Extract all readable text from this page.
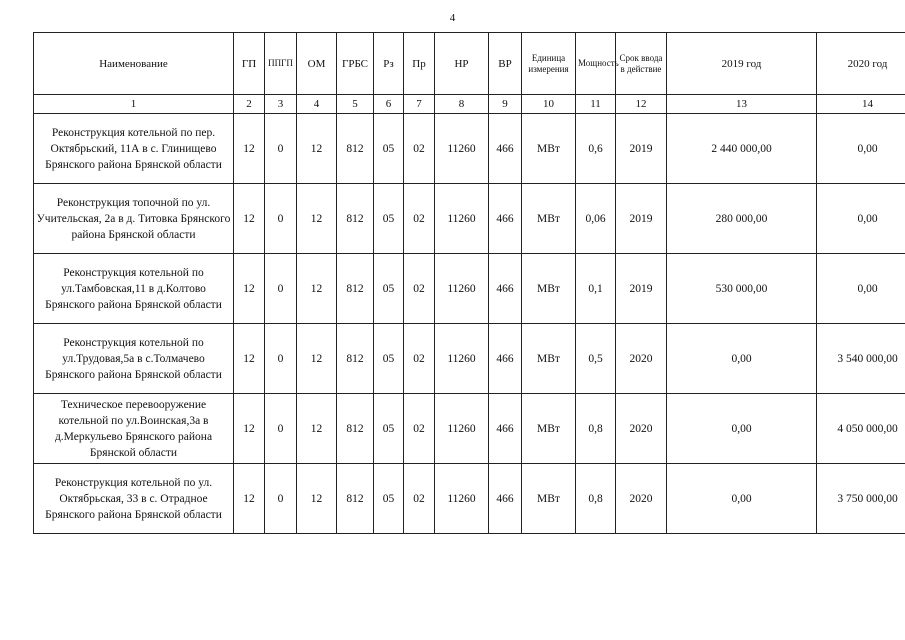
4
Наименование	ГП	ППГП	ОМ	ГРБС	Рз	Пр	НР	ВР	Единица измерения	Мощность	Срок ввода в действие	2019 год	2020 год
1	2	3	4	5	6	7	8	9	10	11	12	13	14
Реконструкция котельной по пер. Октябрьский, 11А в с. Глинищево Брянского района Брянской области	12	0	12	812	05	02	11260	466	МВт	0,6	2019	2 440 000,00	0,00
Реконструкция топочной по ул. Учительская, 2а в д. Титовка Брянского района Брянской области	12	0	12	812	05	02	11260	466	МВт	0,06	2019	280 000,00	0,00
Реконструкция котельной по ул.Тамбовская,11 в д.Колтово Брянского района Брянской области	12	0	12	812	05	02	11260	466	МВт	0,1	2019	530 000,00	0,00
Реконструкция котельной по ул.Трудовая,5а в с.Толмачево Брянского района Брянской области	12	0	12	812	05	02	11260	466	МВт	0,5	2020	0,00	3 540 000,00
Техническое перевооружение котельной по ул.Воинская,3а в д.Меркульево Брянского района Брянской области	12	0	12	812	05	02	11260	466	МВт	0,8	2020	0,00	4 050 000,00
Реконструкция котельной по ул. Октябрьская, 33 в с. Отрадное Брянского района Брянской области	12	0	12	812	05	02	11260	466	МВт	0,8	2020	0,00	3 750 000,00
